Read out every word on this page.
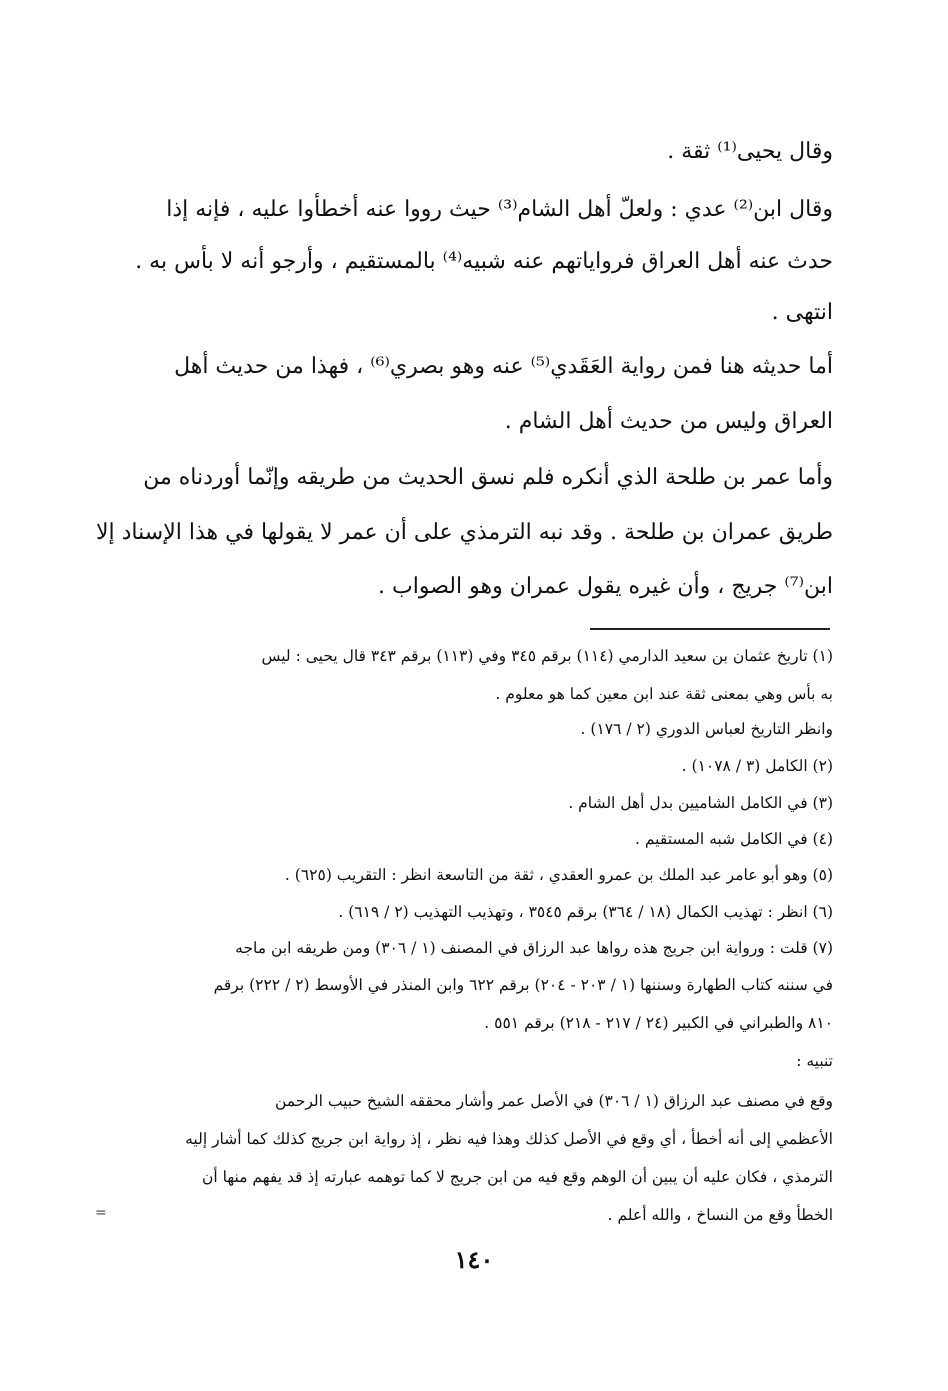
وقال يحيى⁽¹⁾ ثقة .
وقال ابن⁽²⁾ عدي : ولعلّ أهل الشام⁽³⁾ حيث رووا عنه أخطأوا عليه ، فإنه إذا
حدث عنه أهل العراق فرواياتهم عنه شبيه⁽⁴⁾ بالمستقيم ، وأرجو أنه لا بأس به .
انتهى .
أما حديثه هنا فمن رواية العَقَدي⁽⁵⁾ عنه وهو بصري⁽⁶⁾ ، فهذا من حديث أهل
العراق وليس من حديث أهل الشام .
وأما عمر بن طلحة الذي أنكره فلم نسق الحديث من طريقه وإنّما أوردناه من
طريق عمران بن طلحة . وقد نبه الترمذي على أن عمر لا يقولها في هذا الإسناد إلا
ابن⁽⁷⁾ جريج ، وأن غيره يقول عمران وهو الصواب .
(١) تاريخ عثمان بن سعيد الدارمي (١١٤) برقم ٣٤٥ وفي (١١٣) برقم ٣٤٣ قال يحيى : ليس
به بأس وهي بمعنى ثقة عند ابن معين كما هو معلوم .
وانظر التاريخ لعباس الدوري (٢ / ١٧٦) .
(٢) الكامل (٣ / ١٠٧٨) .
(٣) في الكامل الشاميين بدل أهل الشام .
(٤) في الكامل شبه المستقيم .
(٥) وهو أبو عامر عبد الملك بن عمرو العقدي ، ثقة من التاسعة انظر : التقريب (٦٢٥) .
(٦) انظر : تهذيب الكمال (١٨ / ٣٦٤) برقم ٣٥٤٥ ، وتهذيب التهذيب (٢ / ٦١٩) .
(٧) قلت : ورواية ابن جريج هذه رواها عبد الرزاق في المصنف (١ / ٣٠٦) ومن طريقه ابن ماجه
في سننه كتاب الطهارة وسننها (١ / ٢٠٣ - ٢٠٤) برقم ٦٢٢ وابن المنذر في الأوسط (٢ / ٢٢٢) برقم
٨١٠ والطبراني في الكبير (٢٤ / ٢١٧ - ٢١٨) برقم ٥٥١ .
تنبيه :
وقع في مصنف عبد الرزاق (١ / ٣٠٦) في الأصل عمر وأشار محققه الشيخ حبيب الرحمن
الأعظمي إلى أنه أخطأ ، أي وقع في الأصل كذلك وهذا فيه نظر ، إذ رواية ابن جريج كذلك كما أشار إليه
الترمذي ، فكان عليه أن يبين أن الوهم وقع فيه من ابن جريج لا كما توهمه عبارته إذ قد يفهم منها أن
الخطأ وقع من النساخ ، والله أعلم .
=
١٤٠
